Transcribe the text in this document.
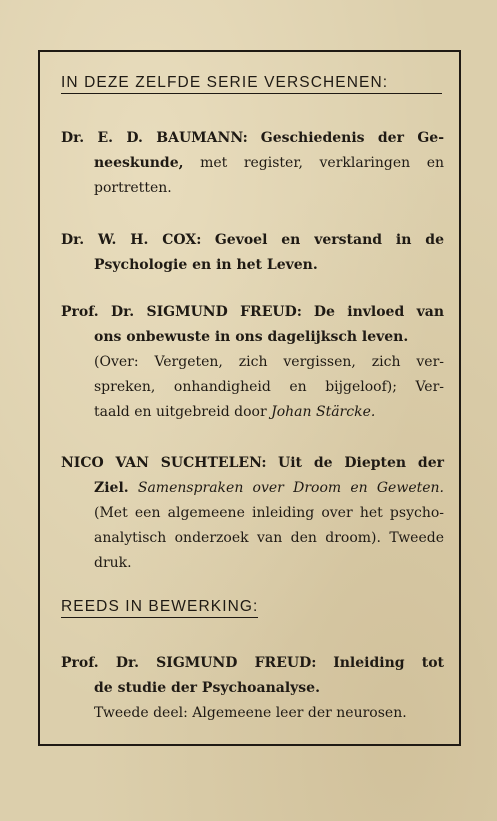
IN DEZE ZELFDE SERIE VERSCHENEN:
Dr. E. D. BAUMANN: Geschiedenis der Ge-
neeskunde, met register, verklaringen en
portretten.
Dr. W. H. COX: Gevoel en verstand in de
Psychologie en in het Leven.
Prof. Dr. SIGMUND FREUD: De invloed van
ons onbewuste in ons dagelijksch leven.
(Over: Vergeten, zich vergissen, zich ver-
spreken, onhandigheid en bijgeloof); Ver-
taald en uitgebreid door Johan Stärcke.
NICO VAN SUCHTELEN: Uit de Diepten der
Ziel. Samenspraken over Droom en Geweten.
(Met een algemeene inleiding over het psycho-
analytisch onderzoek van den droom). Tweede
druk.
REEDS IN BEWERKING:
Prof. Dr. SIGMUND FREUD: Inleiding tot
de studie der Psychoanalyse.
Tweede deel: Algemeene leer der neurosen.
